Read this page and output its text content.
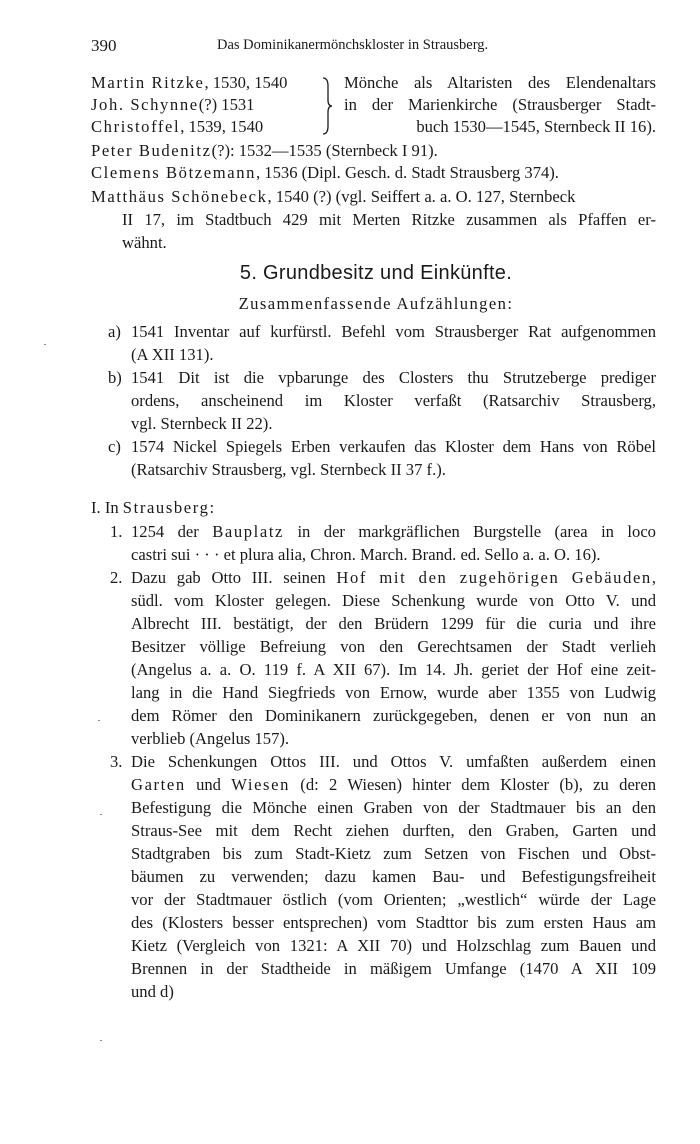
390	Das Dominikanermönchskloster in Strausberg.
Martin Ritzke, 1530, 1540
Joh. Schynne(?) 1531
Christoffel, 1539, 1540
Mönche als Altaristen des Elendenaltars
in der Marienkirche (Strausberger Stadt-
buch 1530—1545, Sternbeck II 16).
Peter Budenitz(?): 1532—1535 (Sternbeck I 91).
Clemens Bötzemann, 1536 (Dipl. Gesch. d. Stadt Strausberg 374).
Matthäus Schönebeck, 1540 (?) (vgl. Seiffert a. a. O. 127, Sternbeck
II 17, im Stadtbuch 429 mit Merten Ritzke zusammen als Pfaffen er-
wähnt.
5. Grundbesitz und Einkünfte.
Zusammenfassende Aufzählungen:
a) 1541 Inventar auf kurfürstl. Befehl vom Strausberger Rat aufgenommen
(A XII 131).
b) 1541 Dit ist die vpbarunge des Closters thu Strutzeberge prediger
ordens, anscheinend im Kloster verfaßt (Ratsarchiv Strausberg,
vgl. Sternbeck II 22).
c) 1574 Nickel Spiegels Erben verkaufen das Kloster dem Hans von Röbel
(Ratsarchiv Strausberg, vgl. Sternbeck II 37 f.).
I. In Strausberg:
1. 1254 der Bauplatz in der markgräflichen Burgstelle (area in loco
castri sui · · · et plura alia, Chron. March. Brand. ed. Sello a. a. O. 16).
2. Dazu gab Otto III. seinen Hof mit den zugehörigen Gebäuden,
südl. vom Kloster gelegen. Diese Schenkung wurde von Otto V. und
Albrecht III. bestätigt, der den Brüdern 1299 für die curia und ihre
Besitzer völlige Befreiung von den Gerechtsamen der Stadt verlieh
(Angelus a. a. O. 119 f. A XII 67). Im 14. Jh. geriet der Hof eine zeit-
lang in die Hand Siegfrieds von Ernow, wurde aber 1355 von Ludwig
dem Römer den Dominikanern zurückgegeben, denen er von nun an
verblieb (Angelus 157).
3. Die Schenkungen Ottos III. und Ottos V. umfaßten außerdem einen
Garten und Wiesen (d: 2 Wiesen) hinter dem Kloster (b), zu deren
Befestigung die Mönche einen Graben von der Stadtmauer bis an den
Straus-See mit dem Recht ziehen durften, den Graben, Garten und
Stadtgraben bis zum Stadt-Kietz zum Setzen von Fischen und Obst-
bäumen zu verwenden; dazu kamen Bau- und Befestigungsfreiheit
vor der Stadtmauer östlich (vom Orienten; „westlich“ würde der Lage
des (Klosters besser entsprechen) vom Stadttor bis zum ersten Haus am
Kietz (Vergleich von 1321: A XII 70) und Holzschlag zum Bauen und
Brennen in der Stadtheide in mäßigem Umfange (1470 A XII 109
und d)
